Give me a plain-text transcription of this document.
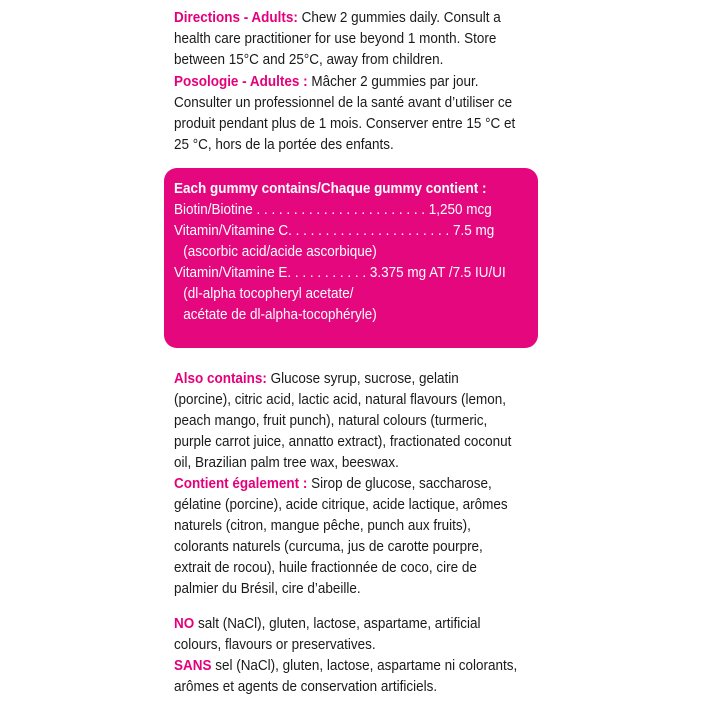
Directions - Adults: Chew 2 gummies daily. Consult a health care practitioner for use beyond 1 month. Store between 15°C and 25°C, away from children.

Posologie - Adultes : Mâcher 2 gummies par jour. Consulter un professionnel de la santé avant d’utiliser ce produit pendant plus de 1 mois. Conserver entre 15 °C et 25 °C, hors de la portée des enfants.

Each gummy contains/Chaque gummy contient :
Biotin/Biotine . . . . . . . . . . . . . . . . . . . . . . . 1,250 mcg
Vitamin/Vitamine C. . . . . . . . . . . . . . . . . . . . . . 7.5 mg
(ascorbic acid/acide ascorbique)
Vitamin/Vitamine E. . . . . . . . . . . 3.375 mg AT /7.5 IU/UI
(dl-alpha tocopheryl acetate/
acétate de dl-alpha-tocophéryle)

Also contains: Glucose syrup, sucrose, gelatin (porcine), citric acid, lactic acid, natural flavours (lemon, peach mango, fruit punch), natural colours (turmeric, purple carrot juice, annatto extract), fractionated coconut oil, Brazilian palm tree wax, beeswax.

Contient également : Sirop de glucose, saccharose, gélatine (porcine), acide citrique, acide lactique, arômes naturels (citron, mangue pêche, punch aux fruits), colorants naturels (curcuma, jus de carotte pourpre, extrait de rocou), huile fractionnée de coco, cire de palmier du Brésil, cire d’abeille.

NO salt (NaCl), gluten, lactose, aspartame, artificial colours, flavours or preservatives.

SANS sel (NaCl), gluten, lactose, aspartame ni colorants, arômes et agents de conservation artificiels.
